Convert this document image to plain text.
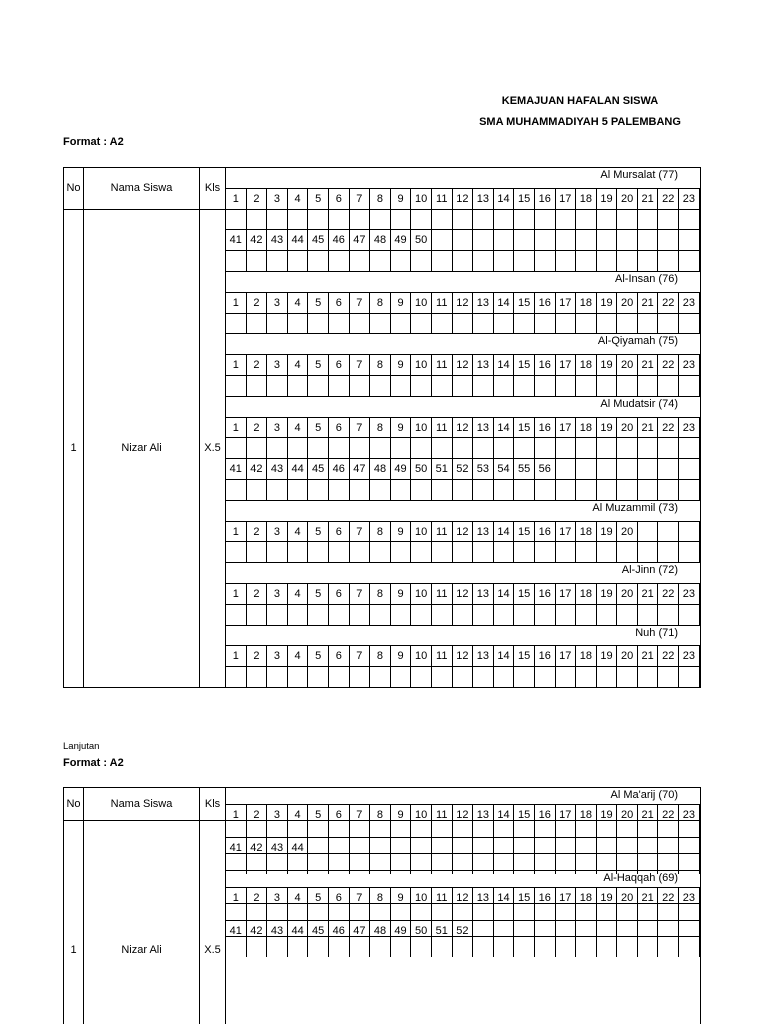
KEMAJUAN HAFALAN SISWA
SMA MUHAMMADIYAH 5 PALEMBANG
Format : A2
No	Nama Siswa	Kls
1	Nizar Ali	X.5
Al Mursalat (77)
1	2	3	4	5	6	7	8	9	10 11 12 13 14 15 16 17 18 19 20 21 22 23
41 42 43 44 45 46 47 48 49 50
Al-Insan (76)
1	2	3	4	5	6	7	8	9	10 11 12 13 14 15 16 17 18 19 20 21 22 23
Al-Qiyamah (75)
1	2	3	4	5	6	7	8	9	10 11 12 13 14 15 16 17 18 19 20 21 22 23
Al Mudatsir (74)
1	2	3	4	5	6	7	8	9	10 11 12 13 14 15 16 17 18 19 20 21 22 23
41 42 43 44 45 46 47 48 49 50 51 52 53 54 55 56
Al Muzammil (73)
1	2	3	4	5	6	7	8	9	10 11 12 13 14 15 16 17 18 19 20
Al-Jinn (72)
1	2	3	4	5	6	7	8	9	10 11 12 13 14 15 16 17 18 19 20 21 22 23
Nuh (71)
1	2	3	4	5	6	7	8	9	10 11 12 13 14 15 16 17 18 19 20 21 22 23
Lanjutan
Format : A2
No	Nama Siswa	Kls
1	Nizar Ali	X.5
Al Ma'arij (70)
1	2	3	4	5	6	7	8	9	10 11 12 13 14 15 16 17 18 19 20 21 22 23
41 42 43 44
Al-Haqqah (69)
1	2	3	4	5	6	7	8	9	10 11 12 13 14 15 16 17 18 19 20 21 22 23
41 42 43 44 45 46 47 48 49 50 51 52
